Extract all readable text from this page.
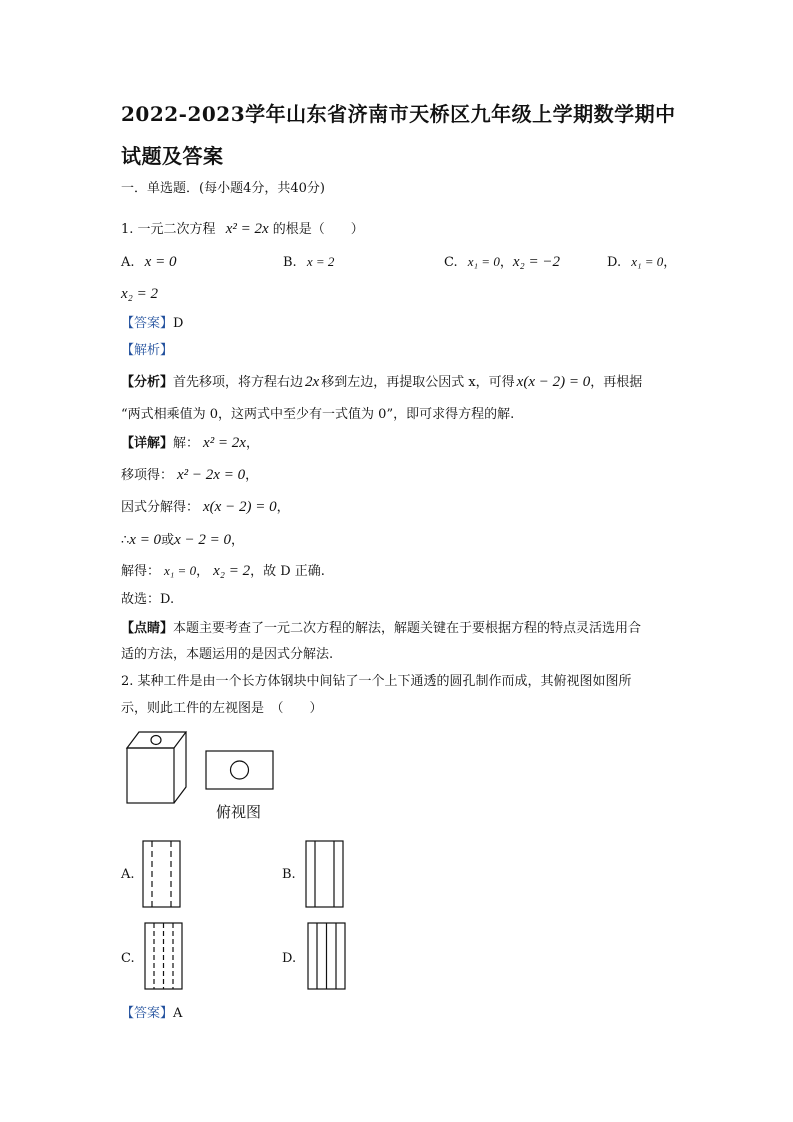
2022-2023学年山东省济南市天桥区九年级上学期数学期中
试题及答案
一．单选题．(每小题4分，共40分)
1. 一元二次方程 x² = 2x 的根是（　　）
A. x = 0	B. x = 2	C. x₁ = 0，x₂ = −2	D. x₁ = 0，
x₂ = 2
【答案】D
【解析】
【分析】首先移项，将方程右边 2x 移到左边，再提取公因式 x，可得 x(x − 2) = 0，再根据
“两式相乘值为 0，这两式中至少有一式值为 0”，即可求得方程的解.
【详解】解： x² = 2x，
移项得： x² − 2x = 0，
因式分解得： x(x − 2) = 0，
∴x = 0或x − 2 = 0，
解得： x₁ = 0， x₂ = 2，故 D 正确.
故选：D.
【点睛】本题主要考查了一元二次方程的解法，解题关键在于要根据方程的特点灵活选用合
适的方法，本题运用的是因式分解法.
2. 某种工件是由一个长方体钢块中间钻了一个上下通透的圆孔制作而成，其俯视图如图所
示，则此工件的左视图是　（　　）
俯视图
A.	B.
C.	D.
【答案】A
